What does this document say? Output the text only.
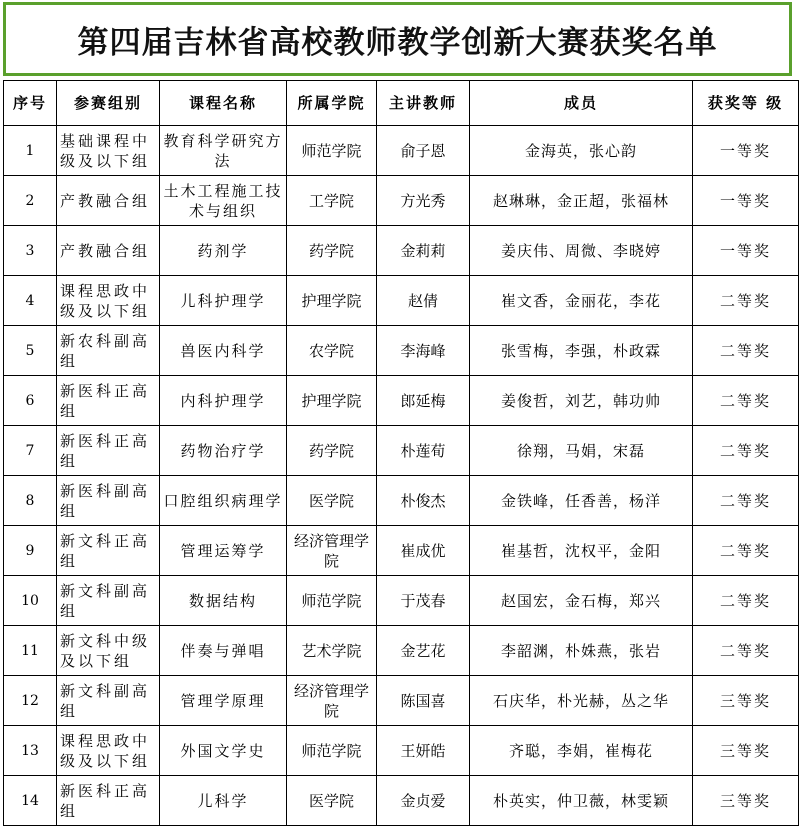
第四届吉林省高校教师教学创新大赛获奖名单
序号	参赛组别	课程名称	所属学院	主讲教师	成员	获奖等 级
1	基础课程中级及以下组	教育科学研究方法	师范学院	俞子恩	金海英，张心韵	一等奖
2	产教融合组	土木工程施工技术与组织	工学院	方光秀	赵琳琳，金正超，张福林	一等奖
3	产教融合组	药剂学	药学院	金莉莉	姜庆伟、周微、李晓婷	一等奖
4	课程思政中级及以下组	儿科护理学	护理学院	赵倩	崔文香，金丽花，李花	二等奖
5	新农科副高组	兽医内科学	农学院	李海峰	张雪梅，李强，朴政霖	二等奖
6	新医科正高组	内科护理学	护理学院	郎延梅	姜俊哲，刘艺，韩功帅	二等奖
7	新医科正高组	药物治疗学	药学院	朴莲荀	徐翔，马娟，宋磊	二等奖
8	新医科副高组	口腔组织病理学	医学院	朴俊杰	金铁峰，任香善，杨洋	二等奖
9	新文科正高组	管理运筹学	经济管理学院	崔成优	崔基哲，沈权平，金阳	二等奖
10	新文科副高组	数据结构	师范学院	于茂春	赵国宏，金石梅，郑兴	二等奖
11	新文科中级及以下组	伴奏与弹唱	艺术学院	金艺花	李韶渊，朴姝燕，张岩	二等奖
12	新文科副高组	管理学原理	经济管理学院	陈国喜	石庆华，朴光赫，丛之华	三等奖
13	课程思政中级及以下组	外国文学史	师范学院	王妍皓	齐聪，李娟，崔梅花	三等奖
14	新医科正高组	儿科学	医学院	金贞爱	朴英实，仲卫薇，林雯颖	三等奖
